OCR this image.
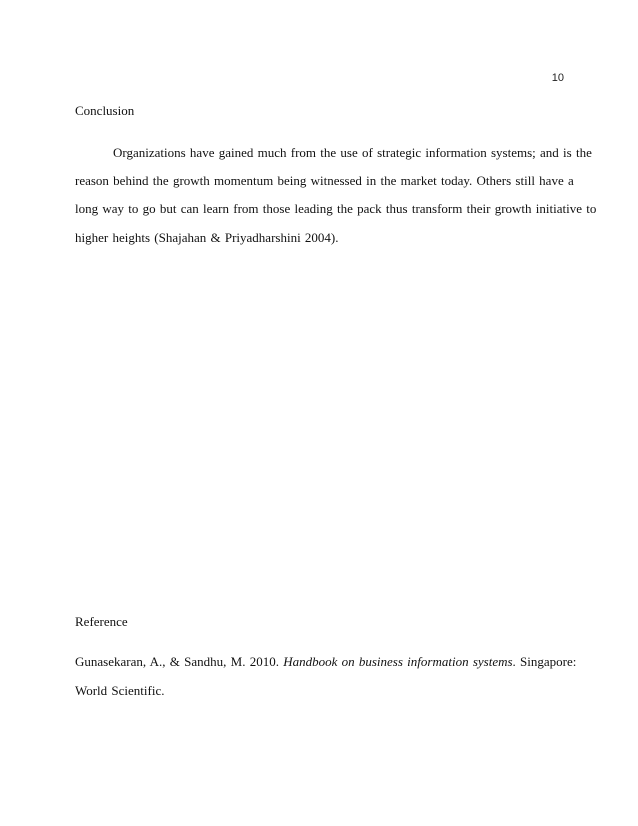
10
Conclusion
Organizations have gained much from the use of strategic information systems; and is the
reason behind the growth momentum being witnessed in the market today. Others still have a
long way to go but can learn from those leading the pack thus transform their growth initiative to
higher heights (Shajahan & Priyadharshini 2004).
Reference
Gunasekaran, A., & Sandhu, M. 2010. Handbook on business information systems. Singapore:
World Scientific.
